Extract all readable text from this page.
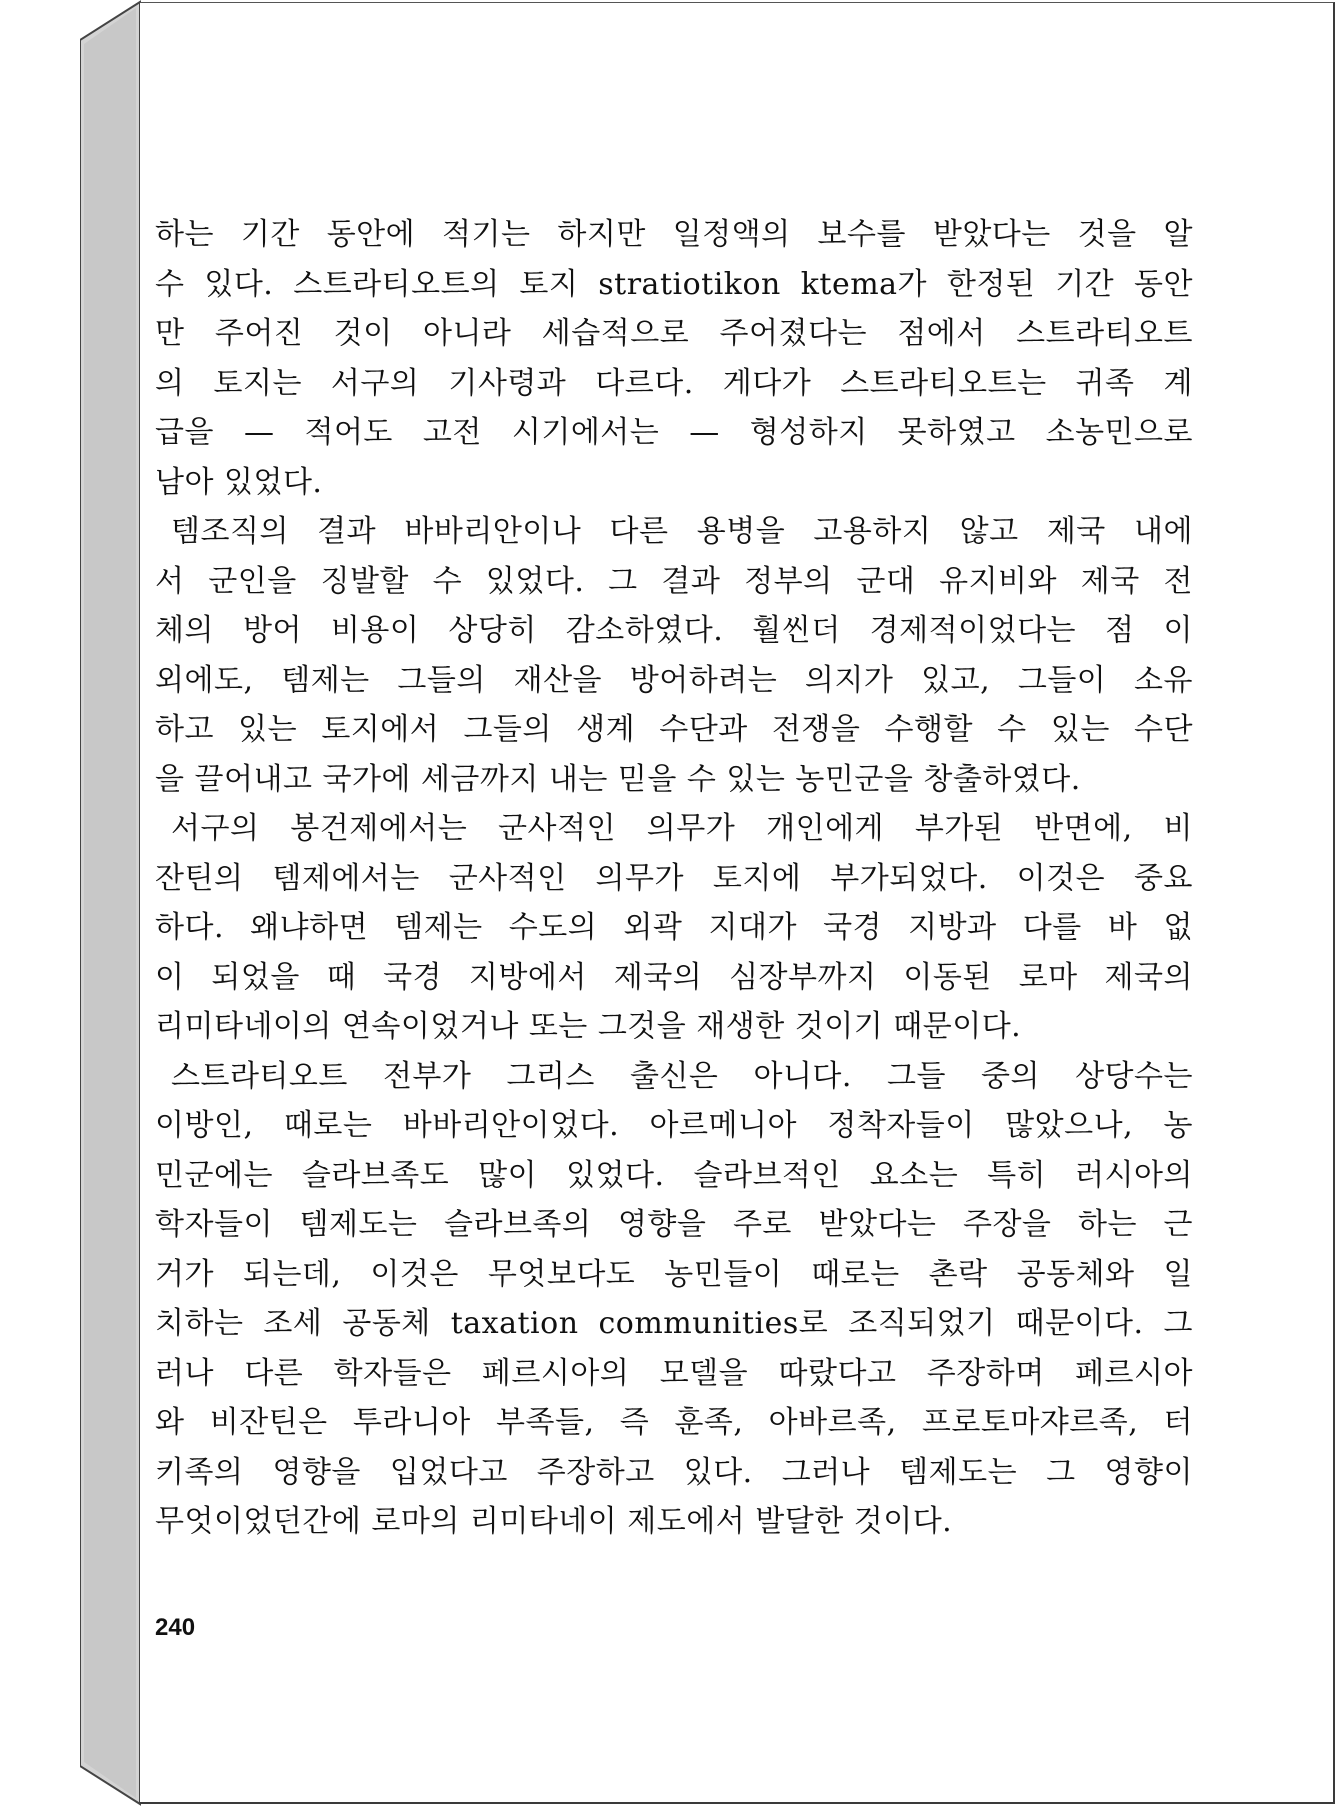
하는 기간 동안에 적기는 하지만 일정액의 보수를 받았다는 것을 알
수 있다. 스트라티오트의 토지 stratiotikon ktema가 한정된 기간 동안
만 주어진 것이 아니라 세습적으로 주어졌다는 점에서 스트라티오트
의 토지는 서구의 기사령과 다르다. 게다가 스트라티오트는 귀족 계
급을 — 적어도 고전 시기에서는 — 형성하지 못하였고 소농민으로
남아 있었다.
템조직의 결과 바바리안이나 다른 용병을 고용하지 않고 제국 내에
서 군인을 징발할 수 있었다. 그 결과 정부의 군대 유지비와 제국 전
체의 방어 비용이 상당히 감소하였다. 훨씬더 경제적이었다는 점 이
외에도, 템제는 그들의 재산을 방어하려는 의지가 있고, 그들이 소유
하고 있는 토지에서 그들의 생계 수단과 전쟁을 수행할 수 있는 수단
을 끌어내고 국가에 세금까지 내는 믿을 수 있는 농민군을 창출하였다.
서구의 봉건제에서는 군사적인 의무가 개인에게 부가된 반면에, 비
잔틴의 템제에서는 군사적인 의무가 토지에 부가되었다. 이것은 중요
하다. 왜냐하면 템제는 수도의 외곽 지대가 국경 지방과 다를 바 없
이 되었을 때 국경 지방에서 제국의 심장부까지 이동된 로마 제국의
리미타네이의 연속이었거나 또는 그것을 재생한 것이기 때문이다.
스트라티오트 전부가 그리스 출신은 아니다. 그들 중의 상당수는
이방인, 때로는 바바리안이었다. 아르메니아 정착자들이 많았으나, 농
민군에는 슬라브족도 많이 있었다. 슬라브적인 요소는 특히 러시아의
학자들이 템제도는 슬라브족의 영향을 주로 받았다는 주장을 하는 근
거가 되는데, 이것은 무엇보다도 농민들이 때로는 촌락 공동체와 일
치하는 조세 공동체 taxation communities로 조직되었기 때문이다. 그
러나 다른 학자들은 페르시아의 모델을 따랐다고 주장하며 페르시아
와 비잔틴은 투라니아 부족들, 즉 훈족, 아바르족, 프로토마쟈르족, 터
키족의 영향을 입었다고 주장하고 있다. 그러나 템제도는 그 영향이
무엇이었던간에 로마의 리미타네이 제도에서 발달한 것이다.
240
